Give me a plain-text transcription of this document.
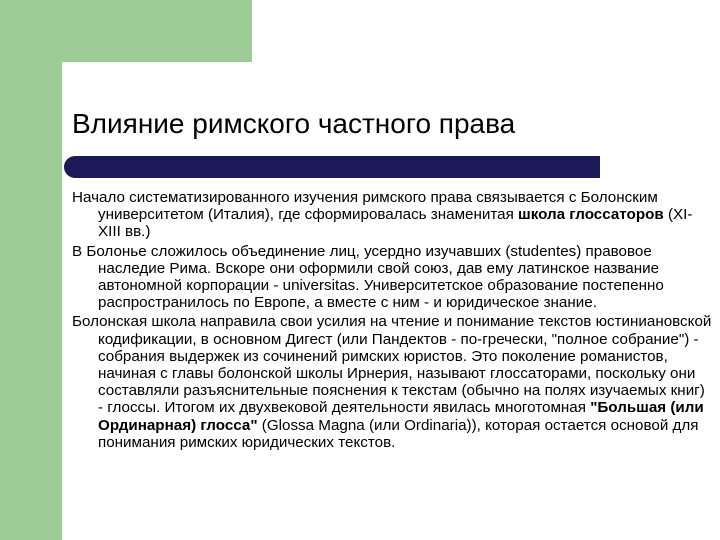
Влияние римского частного права

Начало систематизированного изучения римского права связывается с Болонским университетом (Италия), где сформировалась знаменитая школа глоссаторов (XI-XIII вв.)

В Болонье сложилось объединение лиц, усердно изучавших (studentes) правовое наследие Рима. Вскоре они оформили свой союз, дав ему латинское название автономной корпорации - universitas. Университетское образование постепенно распространилось по Европе, а вместе с ним - и юридическое знание.

Болонская школа направила свои усилия на чтение и понимание текстов юстиниановской кодификации, в основном Дигест (или Пандектов - по-гречески, "полное собрание") - собрания выдержек из сочинений римских юристов. Это поколение романистов, начиная с главы болонской школы Ирнерия, называют глоссаторами, поскольку они составляли разъяснительные пояснения к текстам (обычно на полях изучаемых книг) - глоссы. Итогом их двухвековой деятельности явилась многотомная "Большая (или Ординарная) глосса" (Glossa Magna (или Ordinaria)), которая остается основой для понимания римских юридических текстов.
